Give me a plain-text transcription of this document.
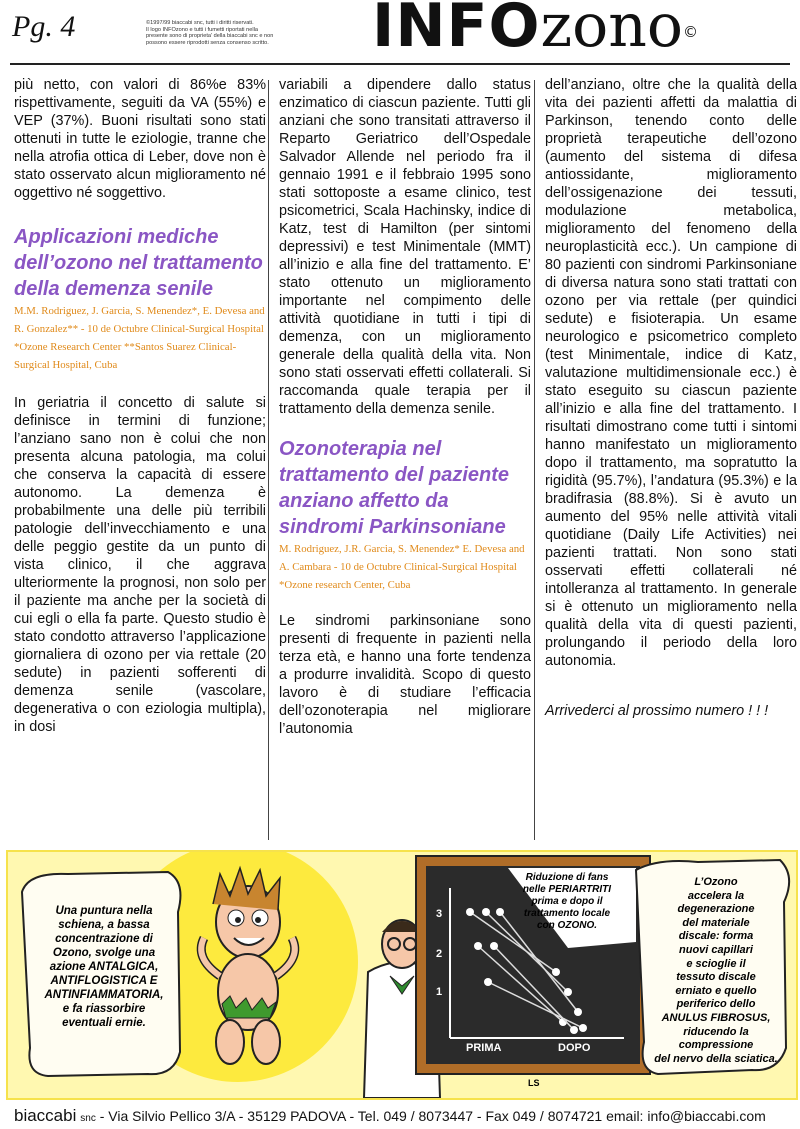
Pg. 4	©1997/99 biaccabi snc, tutti i diritti riservati.
Il logo INFOzono e tutti i fumetti riportati nella
presente sono di proprieta' della biaccabi snc e non
possono essere riprodotti senza consenso scritto.	INFOzono©

più netto, con valori di 86%e 83% rispettivamente, seguiti da VA (55%) e VEP (37%). Buoni risultati sono stati ottenuti in tutte le eziologie, tranne che nella atrofia ottica di Leber, dove non è stato osservato alcun miglioramento né oggettivo né soggettivo.

Applicazioni mediche dell’ozono nel trattamento della demenza senile

M.M. Rodriguez, J. Garcia, S. Menendez*, E. Devesa and R. Gonzalez** - 10 de Octubre Clinical-Surgical Hospital *Ozone Research Center **Santos Suarez Clinical-Surgical Hospital, Cuba

In geriatria il concetto di salute si definisce in termini di funzione; l’anziano sano non è colui che non presenta alcuna patologia, ma colui che conserva la capacità di essere autonomo. La demenza è probabilmente una delle più terribili patologie dell’invecchiamento e una delle peggio gestite da un punto di vista clinico, il che aggrava ulteriormente la prognosi, non solo per il paziente ma anche per la società di cui egli o ella fa parte. Questo studio è stato condotto attraverso l’applicazione giornaliera di ozono per via rettale (20 sedute) in pazienti sofferenti di demenza senile (vascolare, degenerativa o con eziologia multipla), in dosi

variabili a dipendere dallo status enzimatico di ciascun paziente. Tutti gli anziani che sono transitati attraverso il Reparto Geriatrico dell’Ospedale Salvador Allende nel periodo fra il gennaio 1991 e il febbraio 1995 sono stati sottoposte a esame clinico, test psicometrici, Scala Hachinsky, indice di Katz, test di Hamilton (per sintomi depressivi) e test Minimentale (MMT) all’inizio e alla fine del trattamento. E’ stato ottenuto un miglioramento importante nel compimento delle attività quotidiane in tutti i tipi di demenza, con un miglioramento generale della qualità della vita. Non sono stati osservati effetti collaterali. Si raccomanda quale terapia per il trattamento della demenza senile.

Ozonoterapia nel trattamento del paziente anziano affetto da sindromi Parkinsoniane

M. Rodriguez, J.R. Garcia, S. Menendez* E. Devesa and A. Cambara - 10 de Octubre Clinical-Surgical Hospital *Ozone research Center, Cuba

Le sindromi parkinsoniane sono presenti di frequente in pazienti nella terza età, e hanno una forte tendenza a produrre invalidità. Scopo di questo lavoro è di studiare l’efficacia dell’ozonoterapia nel migliorare l’autonomia

dell’anziano, oltre che la qualità della vita dei pazienti affetti da malattia di Parkinson, tenendo conto delle proprietà terapeutiche dell’ozono (aumento del sistema di difesa antiossidante, miglioramento dell’ossigenazione dei tessuti, modulazione metabolica, miglioramento del fenomeno della neuroplasticità ecc.). Un campione di 80 pazienti con sindromi Parkinsoniane di diversa natura sono stati trattati con ozono per via rettale (per quindici sedute) e fisioterapia. Un esame neurologico e psicometrico completo (test Minimentale, indice di Katz, valutazione multidimensionale ecc.) è stato eseguito su ciascun paziente all’inizio e alla fine del trattamento. I risultati dimostrano come tutti i sintomi hanno manifestato un miglioramento dopo il trattamento, ma sopratutto la rigidità (95.7%), l’andatura (95.3%) e la bradifrasia (88.8%). Si è avuto un aumento del 95% nelle attività vitali quotidiane (Daily Life Activities) nei pazienti trattati. Non sono stati osservati effetti collaterali né intolleranza al trattamento. In generale si è ottenuto un miglioramento nella qualità della vita di questi pazienti, prolungando il periodo della loro autonomia.

Arrivederci al prossimo numero ! ! !

Una puntura nella
schiena, a bassa
concentrazione di
Ozono, svolge una
azione ANTALGICA,
ANTIFLOGISTICA E
ANTINFIAMMATORIA,
e fa riassorbire
eventuali ernie.
Riduzione di fans
nelle PERIARTRITI
prima e dopo il
trattamento locale
con OZONO.
3
2
1
PRIMA	DOPO
LS
L’Ozono
accelera la
degenerazione
del materiale
discale: forma
nuovi capillari
e scioglie il
tessuto discale
erniato e quello
periferico dello
ANULUS FIBROSUS,
riducendo la compressione
del nervo della sciatica.
biaccabi snc - Via Silvio Pellico 3/A - 35129 PADOVA - Tel. 049 / 8073447 - Fax 049 / 8074721 email: info@biaccabi.com
